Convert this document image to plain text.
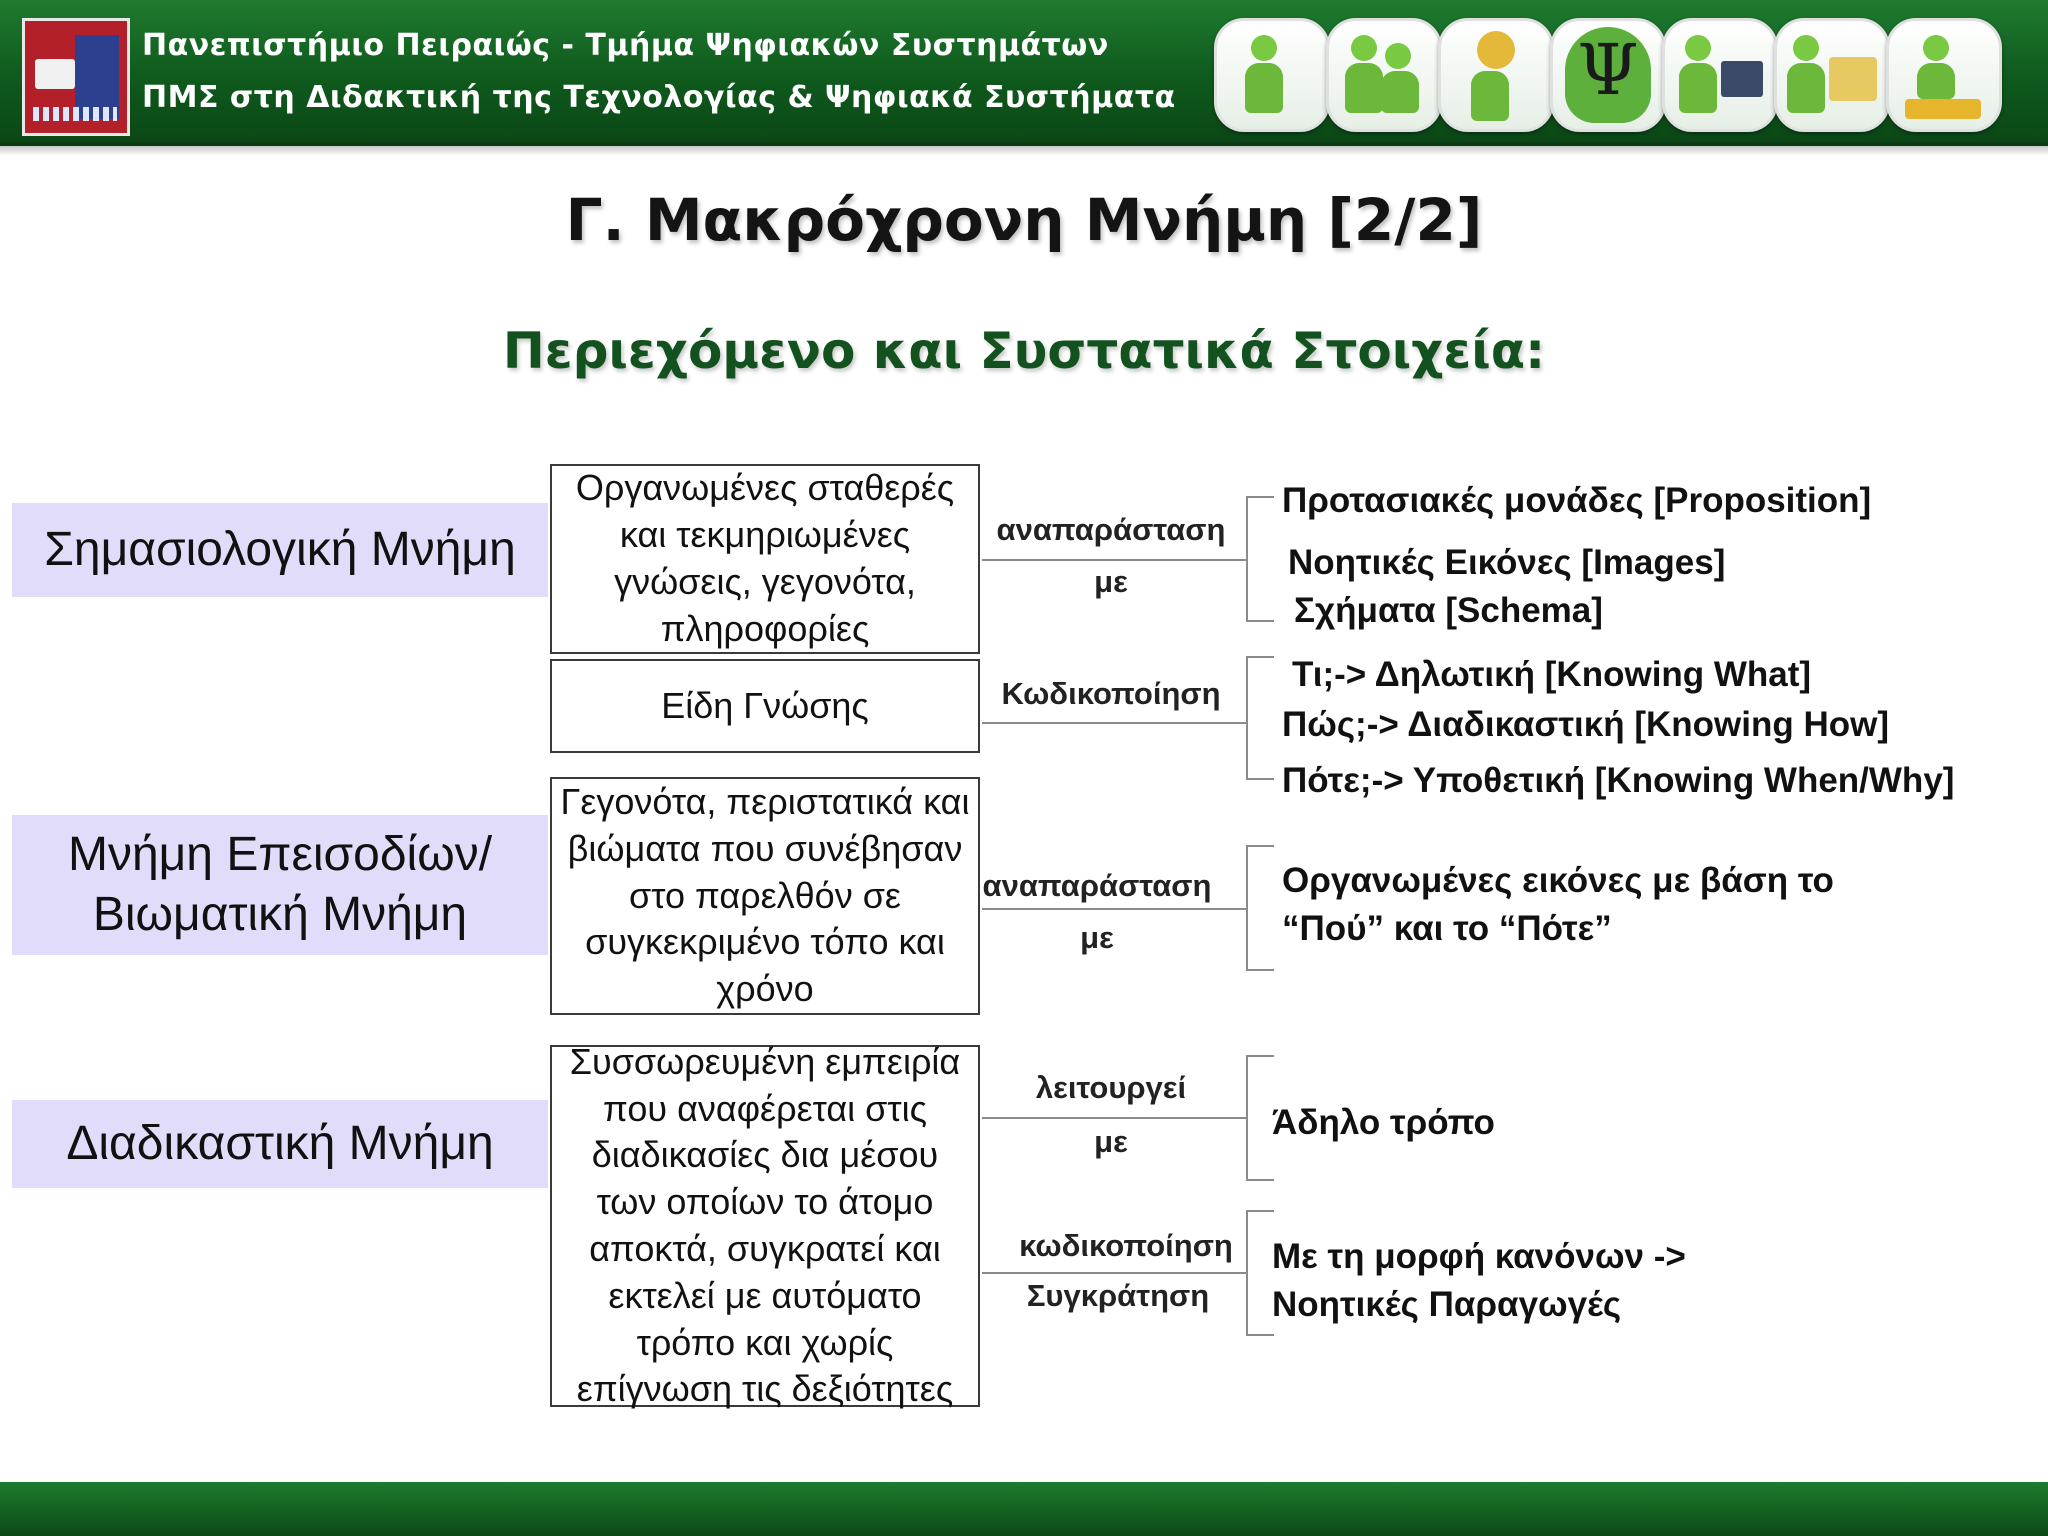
Πανεπιστήμιο Πειραιώς - Τμήμα Ψηφιακών Συστημάτων
ΠΜΣ στη Διδακτική της Τεχνολογίας & Ψηφιακά Συστήματα	Ψ
Γ. Μακρόχρονη Μνήμη [2/2]
Περιεχόμενο και Συστατικά Στοιχεία:
Σημασιολογική Μνήμη
Μνήμη Επεισοδίων/ Βιωματική Μνήμη
Διαδικαστική Μνήμη
Οργανωμένες σταθερές και τεκμηριωμένες γνώσεις, γεγονότα, πληροφορίες
Είδη Γνώσης
Γεγονότα, περιστατικά και βιώματα που συνέβησαν στο παρελθόν σε συγκεκριμένο τόπο και χρόνο
Συσσωρευμένη εμπειρία που αναφέρεται στις διαδικασίες δια μέσου των οποίων το άτομο αποκτά, συγκρατεί και εκτελεί με αυτόματο τρόπο και χωρίς επίγνωση τις δεξιότητες
αναπαράσταση
με
Κωδικοποίηση
αναπαράσταση
με
λειτουργεί
με
κωδικοποίηση
Συγκράτηση
Προτασιακές μονάδες [Proposition]
Νοητικές Εικόνες [Images]
Σχήματα [Schema]
Τι;-> Δηλωτική [Knowing What]
Πώς;-> Διαδικαστική [Knowing How]
Πότε;-> Υποθετική [Knowing When/Why]
Οργανωμένες εικόνες με βάση το
“Πού” και το “Πότε”
Άδηλο τρόπο
Με τη μορφή κανόνων ->
Νοητικές Παραγωγές
